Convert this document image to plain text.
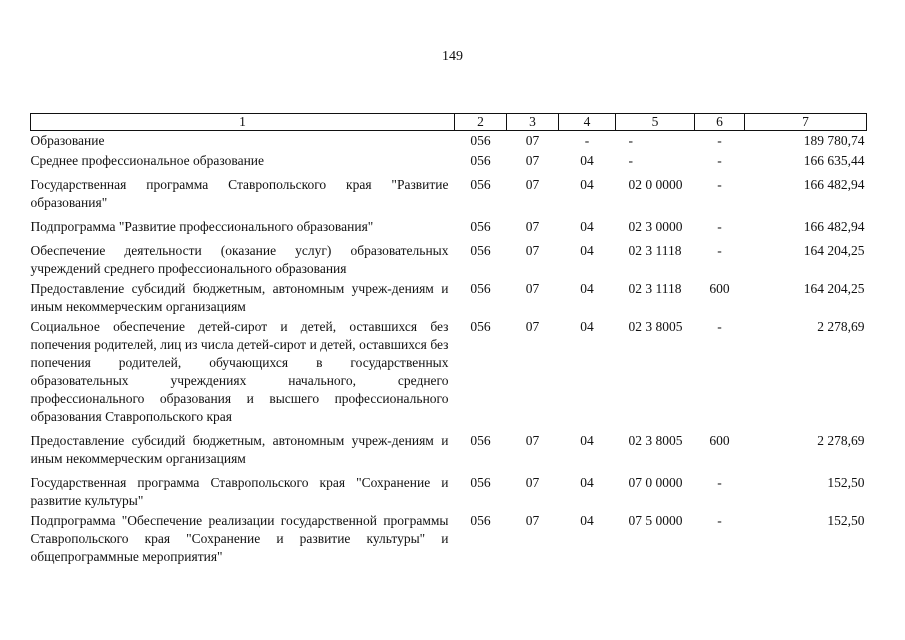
149
1	2	3	4	5	6	7
Образование	056	07	-	-	-	189 780,74
Среднее профессиональное образование	056	07	04	-	-	166 635,44
Государственная программа Ставропольского края "Развитие образования"	056	07	04	02 0 0000	-	166 482,94
Подпрограмма "Развитие профессионального образования"	056	07	04	02 3 0000	-	166 482,94
Обеспечение деятельности (оказание услуг) образовательных учреждений среднего профессионального образования	056	07	04	02 3 1118	-	164 204,25
Предоставление субсидий бюджетным, автономным учреж-дениям и иным некоммерческим организациям	056	07	04	02 3 1118	600	164 204,25
Социальное обеспечение детей-сирот и детей, оставшихся без попечения родителей, лиц из числа детей-сирот и детей, оставшихся без попечения родителей, обучающихся в государственных образовательных учреждениях начального, среднего профессионального образования и высшего профессионального образования Ставропольского края	056	07	04	02 3 8005	-	2 278,69
Предоставление субсидий бюджетным, автономным учреж-дениям и иным некоммерческим организациям	056	07	04	02 3 8005	600	2 278,69
Государственная программа Ставропольского края "Сохранение и развитие культуры"	056	07	04	07 0 0000	-	152,50
Подпрограмма "Обеспечение реализации государственной программы Ставропольского края "Сохранение и развитие культуры" и общепрограммные мероприятия"	056	07	04	07 5 0000	-	152,50
